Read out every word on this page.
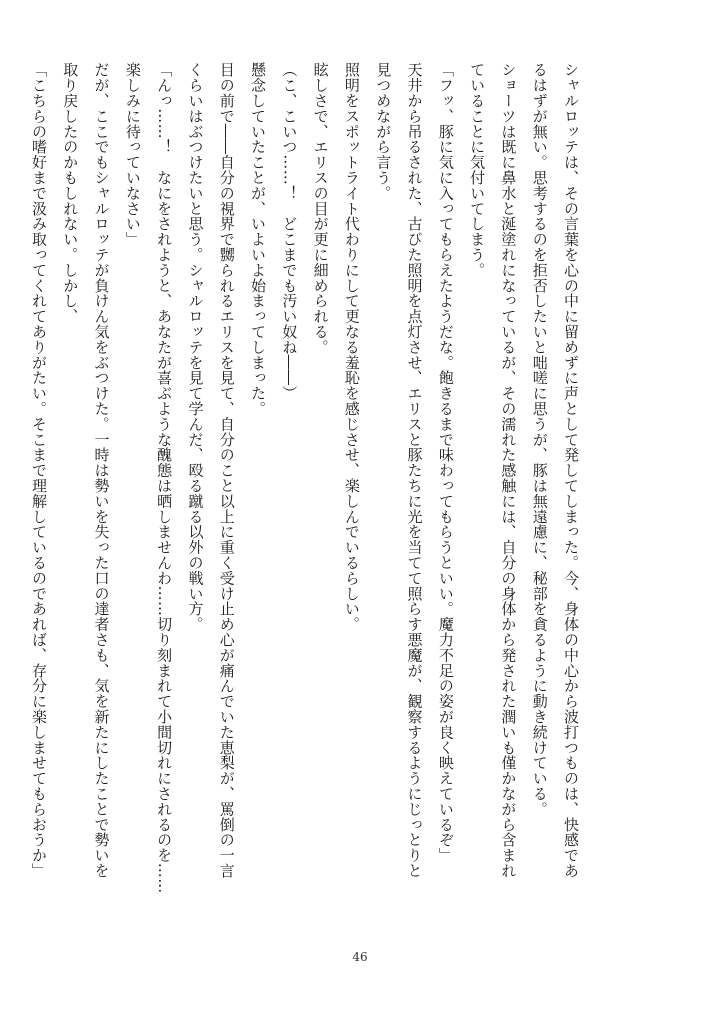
シャルロッテは、その言葉を心の中に留めずに声として発してしまった。今、身体の中心から波打つものは、快感であ
るはずが無い。思考するのを拒否したいと咄嗟に思うが、豚は無遠慮に、秘部を貪るように動き続けている。
ショーツは既に鼻水と涎塗れになっているが、その濡れた感触には、自分の身体から発された潤いも僅かながら含まれ
ていることに気付いてしまう。
「フッ、豚に気に入ってもらえたようだな。飽きるまで味わってもらうといい。魔力不足の姿が良く映えているぞ」
天井から吊るされた、古びた照明を点灯させ、エリスと豚たちに光を当てて照らす悪魔が、観察するようにじっとりと
見つめながら言う。
照明をスポットライト代わりにして更なる羞恥を感じさせ、楽しんでいるらしい。
眩しさで、エリスの目が更に細められる。
（こ、こいつ……！　どこまでも汚い奴ね――）
懸念していたことが、いよいよ始まってしまった。
目の前で――自分の視界で嬲られるエリスを見て、自分のこと以上に重く受け止め心が痛んでいた恵梨が、罵倒の一言
くらいはぶつけたいと思う。シャルロッテを見て学んだ、殴る蹴る以外の戦い方。
「んっ……！　なにをされようと、あなたが喜ぶような醜態は晒しませんわ……切り刻まれて小間切れにされるのを……
楽しみに待っていなさい」
だが、ここでもシャルロッテが負けん気をぶつけた。一時は勢いを失った口の達者さも、気を新たにしたことで勢いを
取り戻したのかもしれない。しかし、
「こちらの嗜好まで汲み取ってくれてありがたい。そこまで理解しているのであれば、存分に楽しませてもらおうか」
46
